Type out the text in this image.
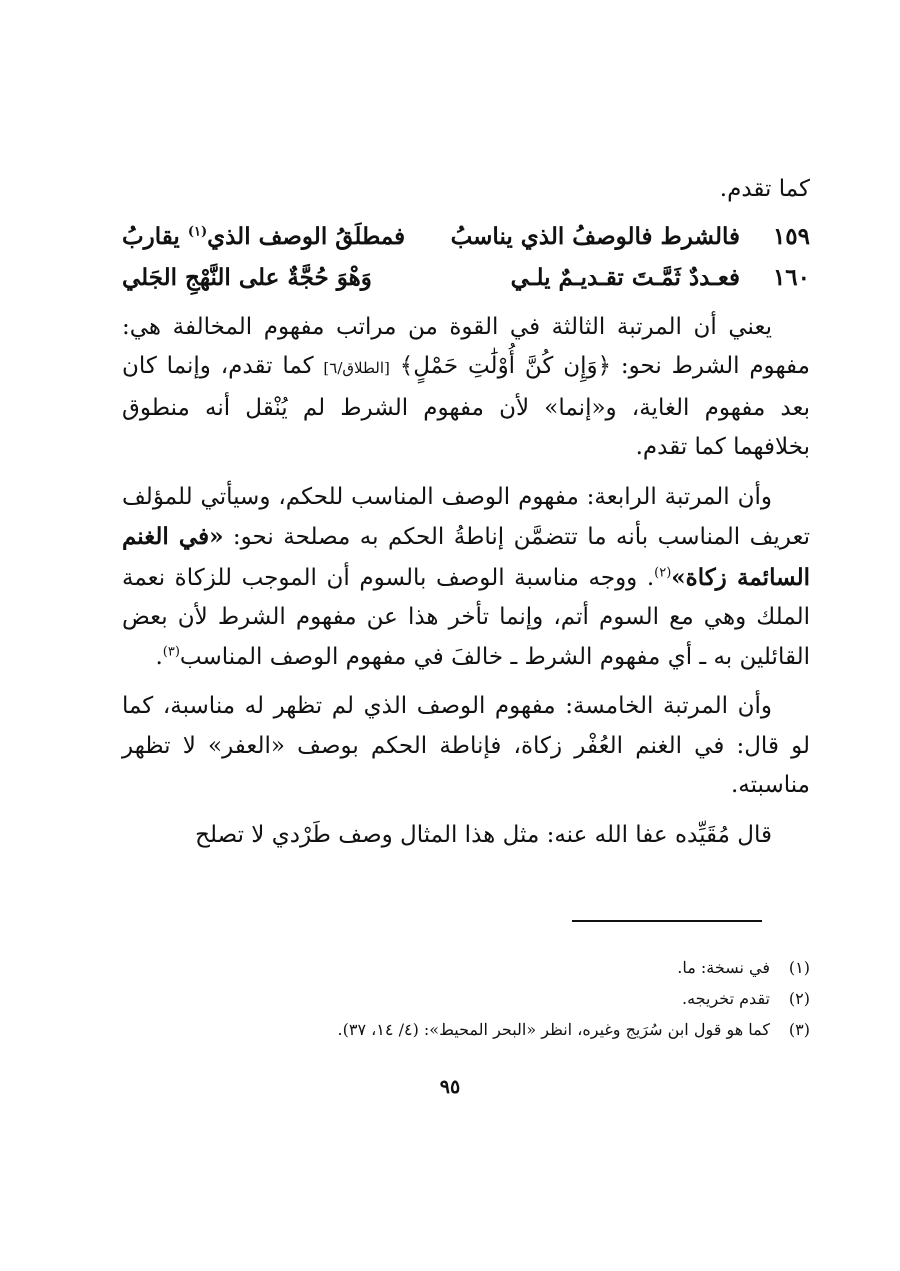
كما تقدم.

١٥٩
فالشرط فالوصفُ الذي يناسبُ
فمطلَقُ الوصف الذي$^{(١)}$ يقاربُ
١٦٠
فعـددٌ ثَمَّـتَ تقـديـمٌ يلـي
وَهْوَ حُجَّةٌ على النَّهْجِ الجَلي

يعني أن المرتبة الثالثة في القوة من مراتب مفهوم المخالفة هي: مفهوم الشرط نحو: ﴿وَإِن كُنَّ أُوْلَٰتِ حَمْلٍ﴾ [الطلاق/٦] كما تقدم، وإنما كان بعد مفهوم الغاية، و«إنما» لأن مفهوم الشرط لم يُنْقل أنه منطوق بخلافهما كما تقدم.

وأن المرتبة الرابعة: مفهوم الوصف المناسب للحكم، وسيأتي للمؤلف تعريف المناسب بأنه ما تتضمَّن إناطةُ الحكم به مصلحة نحو: «في الغنم السائمة زكاة»$^{(٢)}$. ووجه مناسبة الوصف بالسوم أن الموجب للزكاة نعمة الملك وهي مع السوم أتم، وإنما تأخر هذا عن مفهوم الشرط لأن بعض القائلين به ـ أي مفهوم الشرط ـ خالفَ في مفهوم الوصف المناسب$^{(٣)}$.

وأن المرتبة الخامسة: مفهوم الوصف الذي لم تظهر له مناسبة، كما لو قال: في الغنم العُفْر زكاة، فإناطة الحكم بوصف «العفر» لا تظهر مناسبته.

قال مُقَيِّده عفا الله عنه: مثل هذا المثال وصف طَرْدي لا تصلح

(١)
في نسخة: ما.
(٢)
تقدم تخريجه.
(٣)
كما هو قول ابن سُرَيج وغيره، انظر «البحر المحيط»: (٤/ ١٤، ٣٧).
٩٥
